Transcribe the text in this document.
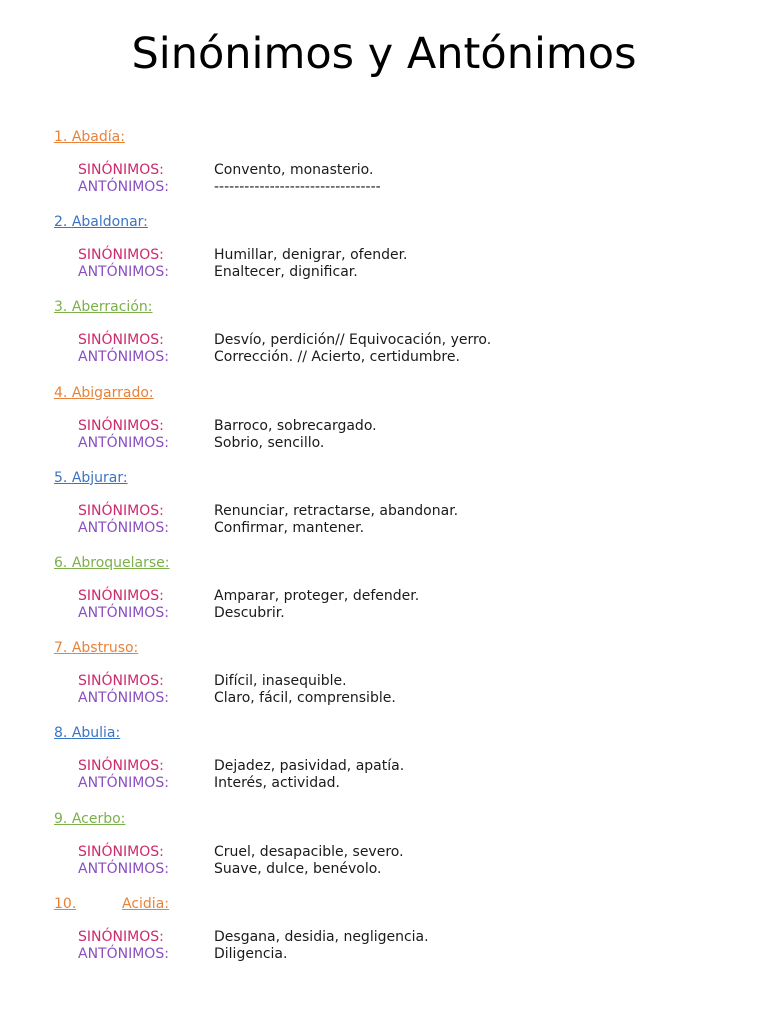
Sinónimos y Antónimos
1. Abadía:
SINÓNIMOS:	Convento, monasterio.
ANTÓNIMOS:	---------------------------------
2. Abaldonar:
SINÓNIMOS:	Humillar, denigrar, ofender.
ANTÓNIMOS:	Enaltecer, dignificar.
3. Aberración:
SINÓNIMOS:	Desvío, perdición// Equivocación, yerro.
ANTÓNIMOS:	Corrección. // Acierto, certidumbre.
4. Abigarrado:
SINÓNIMOS:	Barroco, sobrecargado.
ANTÓNIMOS:	Sobrio, sencillo.
5. Abjurar:
SINÓNIMOS:	Renunciar, retractarse, abandonar.
ANTÓNIMOS:	Confirmar, mantener.
6. Abroquelarse:
SINÓNIMOS:	Amparar, proteger, defender.
ANTÓNIMOS:	Descubrir.
7. Abstruso:
SINÓNIMOS:	Difícil, inasequible.
ANTÓNIMOS:	Claro, fácil, comprensible.
8. Abulia:
SINÓNIMOS:	Dejadez, pasividad, apatía.
ANTÓNIMOS:	Interés, actividad.
9. Acerbo:
SINÓNIMOS:	Cruel, desapacible, severo.
ANTÓNIMOS:	Suave, dulce, benévolo.
10.	Acidia:
SINÓNIMOS:	Desgana, desidia, negligencia.
ANTÓNIMOS:	Diligencia.
